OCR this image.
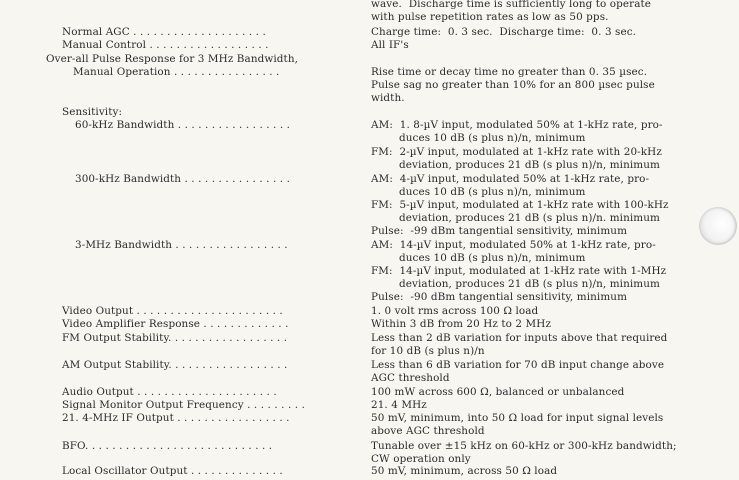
Normal AGC . . . . . . . . . . . . . . . . . . . .
Manual Control . . . . . . . . . . . . . . . . . .
Over-all Pulse Response for 3 MHz Bandwidth,
Manual Operation . . . . . . . . . . . . . . . .
Sensitivity:
60-kHz Bandwidth . . . . . . . . . . . . . . . . .
300-kHz Bandwidth . . . . . . . . . . . . . . . .
3-MHz Bandwidth . . . . . . . . . . . . . . . . .
Video Output . . . . . . . . . . . . . . . . . . . . . .
Video Amplifier Response . . . . . . . . . . . . .
FM Output Stability. . . . . . . . . . . . . . . . . .
AM Output Stability. . . . . . . . . . . . . . . . . .
Audio Output . . . . . . . . . . . . . . . . . . . . .
Signal Monitor Output Frequency . . . . . . . . .
21. 4-MHz IF Output . . . . . . . . . . . . . . . . .
BFO. . . . . . . . . . . . . . . . . . . . . . . . . . . .
Local Oscillator Output . . . . . . . . . . . . . .
wave.  Discharge time is sufficiently long to operate
with pulse repetition rates as low as 50 pps.
Charge time:  0. 3 sec.  Discharge time:  0. 3 sec.
All IF's
Rise time or decay time no greater than 0. 35 µsec.
Pulse sag no greater than 10% for an 800 µsec pulse
width.
AM:  1. 8-µV input, modulated 50% at 1-kHz rate, pro-
duces 10 dB (s plus n)/n, minimum
FM:  2-µV input, modulated at 1-kHz rate with 20-kHz
deviation, produces 21 dB (s plus n)/n, minimum
AM:  4-µV input, modulated 50% at 1-kHz rate, pro-
duces 10 dB (s plus n)/n, minimum
FM:  5-µV input, modulated at 1-kHz rate with 100-kHz
deviation, produces 21 dB (s plus n)/n. minimum
Pulse:  -99 dBm tangential sensitivity, minimum
AM:  14-µV input, modulated 50% at 1-kHz rate, pro-
duces 10 dB (s plus n)/n, minimum
FM:  14-µV input, modulated at 1-kHz rate with 1-MHz
deviation, produces 21 dB (s plus n)/n, minimum
Pulse:  -90 dBm tangential sensitivity, minimum
1. 0 volt rms across 100 Ω load
Within 3 dB from 20 Hz to 2 MHz
Less than 2 dB variation for inputs above that required
for 10 dB (s plus n)/n
Less than 6 dB variation for 70 dB input change above
AGC threshold
100 mW across 600 Ω, balanced or unbalanced
21. 4 MHz
50 mV, minimum, into 50 Ω load for input signal levels
above AGC threshold
Tunable over ±15 kHz on 60-kHz or 300-kHz bandwidth;
CW operation only
50 mV, minimum, across 50 Ω load
